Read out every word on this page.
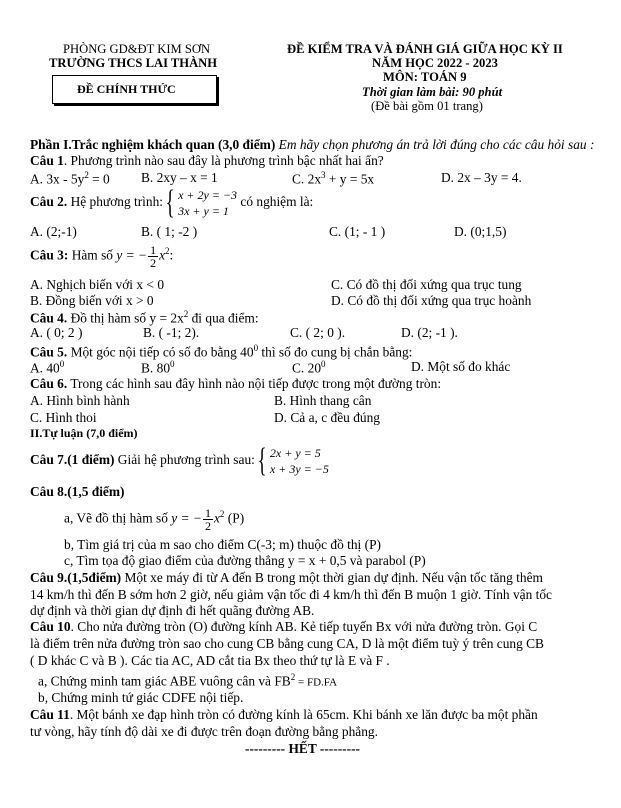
PHÒNG GD&ĐT KIM SƠN
TRƯỜNG THCS LAI THÀNH
ĐỀ CHÍNH THỨC
ĐỀ KIỂM TRA VÀ ĐÁNH GIÁ GIỮA HỌC KỲ II
NĂM HỌC 2022 - 2023
MÔN: TOÁN 9
Thời gian làm bài: 90 phút
(Đề bài gồm 01 trang)
Phần I.Trắc nghiệm khách quan (3,0 điểm) Em hãy chọn phương án trả lời đúng cho các câu hỏi sau :
Câu 1. Phương trình nào sau đây là phương trình bậc nhất hai ẩn?
A. $3x - 5y^2 = 0$ B. 2xy – x = 1	C. $2x^3 + y = 5x$	D. 2x – 3y = 4.
Câu 2. Hệ phương trình: { x + 2y = −3
3x + y = 1 có nghiệm là:
A. (2;-1)	B. ( 1; -2 )	C. (1; - 1 )	D. (0;1,5)
Câu 3: Hàm số y = − $\frac{1}{2} x^2$:
A. Nghịch biến với x < 0	C. Có đồ thị đối xứng qua trục tung
B. Đồng biến với x > 0	D. Có đồ thị đối xứng qua trục hoành
Câu 4. Đồ thị hàm số $y = 2x^2$ đi qua điểm:
A. ( 0; 2 )	B. ( -1; 2).	C. ( 2; 0 ).	D. (2; -1 ).
Câu 5. Một góc nội tiếp có số đo bằng $40^0$ thì số đo cung bị chắn bằng:
A. $40^0$	B. $80^0$	C. $20^0$	D. Một số đo khác
Câu 6. Trong các hình sau đây hình nào nội tiếp được trong một đường tròn:
A. Hình bình hành	B. Hình thang cân
C. Hình thoi	D. Cả a, c đều đúng
II.Tự luận (7,0 điểm)
Câu 7.(1 điểm) Giải hệ phương trình sau: { 2x + y = 5
x + 3y = −5
Câu 8.(1,5 điểm)
a, Vẽ đồ thị hàm số y = − $\frac{1}{2} x^2$ (P)
b, Tìm giá trị của m sao cho điểm C(-3; m) thuộc đồ thị (P)
c, Tìm tọa độ giao điểm của đường thẳng y = x + 0,5 và parabol (P)
Câu 9.(1,5điểm) Một xe máy đi từ A đến B trong một thời gian dự định. Nếu vận tốc tăng thêm
14 km/h thì đến B sớm hơn 2 giờ, nếu giảm vận tốc đi 4 km/h thì đến B muộn 1 giờ. Tính vận tốc
dự định và thời gian dự định đi hết quãng đường AB.
Câu 10. Cho nửa đường tròn (O) đường kính AB. Kẻ tiếp tuyến Bx với nửa đường tròn. Gọi C
là điểm trên nửa đường tròn sao cho cung CB bằng cung CA, D là một điểm tuỳ ý trên cung CB
( D khác C và B ). Các tia AC, AD cắt tia Bx theo thứ tự là E và F .
a, Chứng minh tam giác ABE vuông cân và $FB^2 = FD.FA$
b, Chứng minh tứ giác CDFE nội tiếp.
Câu 11. Một bánh xe đạp hình tròn có đường kính là 65cm. Khi bánh xe lăn được ba một phần
tư vòng, hãy tính độ dài xe đi được trên đoạn đường bằng phẳng.
--------- HẾT ---------
